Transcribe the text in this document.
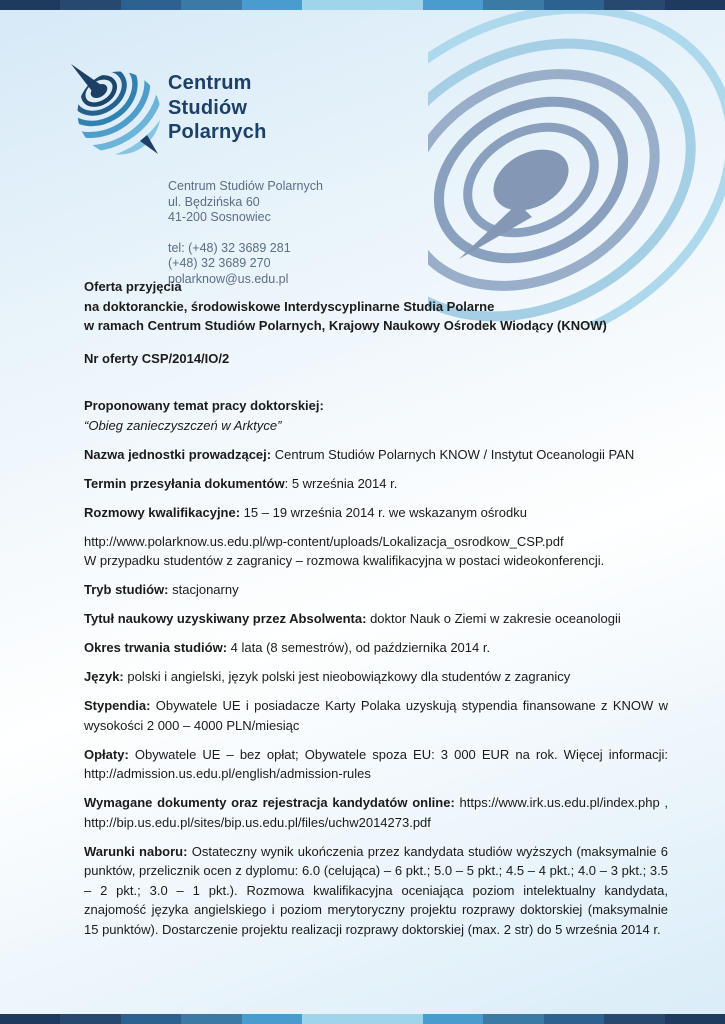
Centrum
Studiów
Polarnych
Centrum Studiów Polarnych
ul. Będzińska 60
41-200 Sosnowiec
tel: (+48) 32 3689 281
(+48) 32 3689 270
polarknow@us.edu.pl
Oferta przyjęcia
na doktoranckie, środowiskowe Interdyscyplinarne Studia Polarne
w ramach Centrum Studiów Polarnych, Krajowy Naukowy Ośrodek Wiodący (KNOW)
Nr oferty CSP/2014/IO/2

Proponowany temat pracy doktorskiej:
“Obieg zanieczyszczeń w Arktyce”

Nazwa jednostki prowadzącej: Centrum Studiów Polarnych KNOW / Instytut Oceanologii PAN

Termin przesyłania dokumentów: 5 września 2014 r.

Rozmowy kwalifikacyjne: 15 – 19 września 2014 r. we wskazanym ośrodku

http://www.polarknow.us.edu.pl/wp-content/uploads/Lokalizacja_osrodkow_CSP.pdf
W przypadku studentów z zagranicy – rozmowa kwalifikacyjna w postaci wideokonferencji.

Tryb studiów: stacjonarny

Tytuł naukowy uzyskiwany przez Absolwenta: doktor Nauk o Ziemi w zakresie oceanologii

Okres trwania studiów: 4 lata (8 semestrów), od października 2014 r.

Język: polski i angielski, język polski jest nieobowiązkowy dla studentów z zagranicy

Stypendia: Obywatele UE i posiadacze Karty Polaka uzyskują stypendia finansowane z KNOW w wysokości 2 000 – 4000 PLN/miesiąc

Opłaty: Obywatele UE – bez opłat; Obywatele spoza EU: 3 000 EUR na rok. Więcej informacji: http://admission.us.edu.pl/english/admission-rules

Wymagane dokumenty oraz rejestracja kandydatów online: https://www.irk.us.edu.pl/index.php , http://bip.us.edu.pl/sites/bip.us.edu.pl/files/uchw2014273.pdf

Warunki naboru: Ostateczny wynik ukończenia przez kandydata studiów wyższych (maksymalnie 6 punktów, przelicznik ocen z dyplomu: 6.0 (celująca) – 6 pkt.; 5.0 – 5 pkt.; 4.5 – 4 pkt.; 4.0 – 3 pkt.; 3.5 – 2 pkt.; 3.0 – 1 pkt.). Rozmowa kwalifikacyjna oceniająca poziom intelektualny kandydata, znajomość języka angielskiego i poziom merytoryczny projektu rozprawy doktorskiej (maksymalnie 15 punktów). Dostarczenie projektu realizacji rozprawy doktorskiej (max. 2 str) do 5 września 2014 r.
